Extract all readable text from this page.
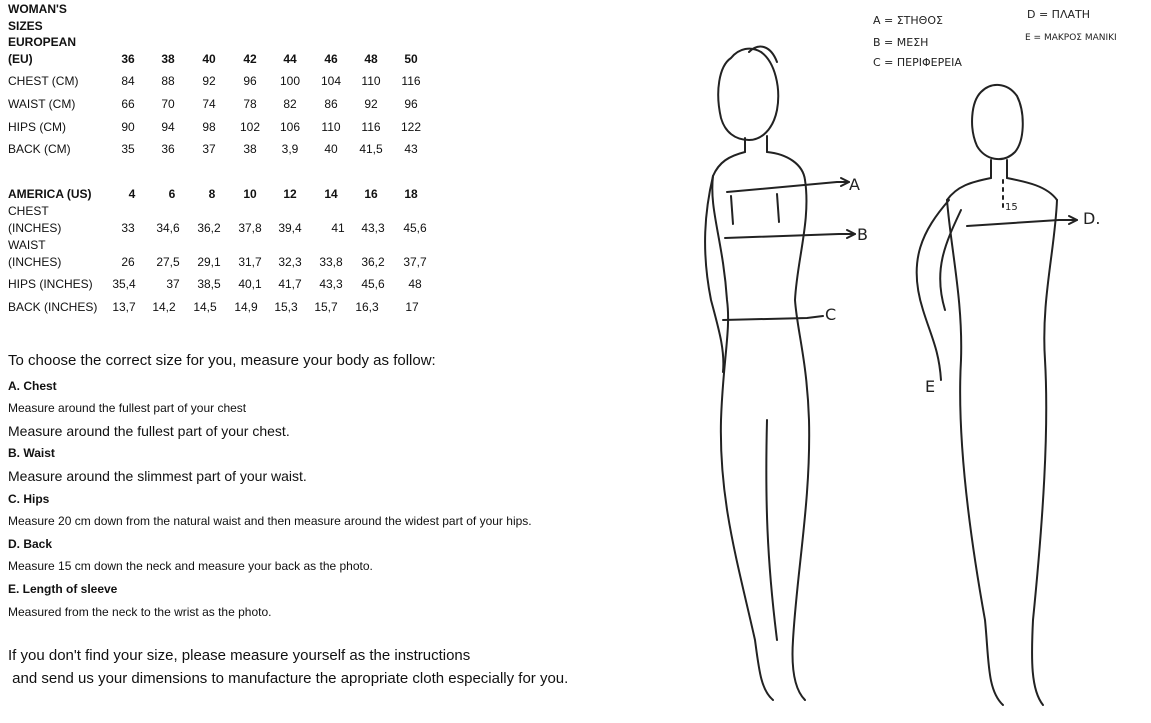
WOMAN'S
SIZES
EUROPEAN
(EU)	36	38	40	42	44	46	48	50
CHEST (CM)	84	88	92	96	100	104	110	116
WAIST (CM)	66	70	74	78	82	86	92	96
HIPS (CM)	90	94	98	102	106	110	116	122
BACK (CM)	35	36	37	38	3,9	40	41,5	43
AMERICA (US)	4	6	8	10	12	14	16	18
CHEST
(INCHES)	33	34,6	36,2	37,8	39,4	41	43,3	45,6
WAIST
(INCHES)	26	27,5	29,1	31,7	32,3	33,8	36,2	37,7
HIPS (INCHES)	35,4	37	38,5	40,1	41,7	43,3	45,6	48
BACK (INCHES)	13,7	14,2	14,5	14,9	15,3	15,7	16,3	17
To choose the correct size for you, measure your body as follow:
A. Chest
Measure around the fullest part of your chest
Measure around the fullest part of your chest.
B. Waist
Measure around the slimmest part of your waist.
C. Hips
Measure 20 cm down from the natural waist and then measure around the widest part of your hips.
D. Back
Measure 15 cm down the neck and measure your back as the photo.
E. Length of sleeve
Measured from the neck to the wrist as the photo.
If you don't find your size, please measure yourself as the instructions
and send us your dimensions to manufacture the apropriate cloth especially for you.
A
B
C
D.
E
15
A = ΣΤΗΘΟΣ
B = ΜΕΣΗ
C = ΠΕΡΙΦΕΡΕΙΑ
D = ΠΛΑΤΗ
E = ΜΑΚΡΟΣ ΜΑΝΙΚΙ
